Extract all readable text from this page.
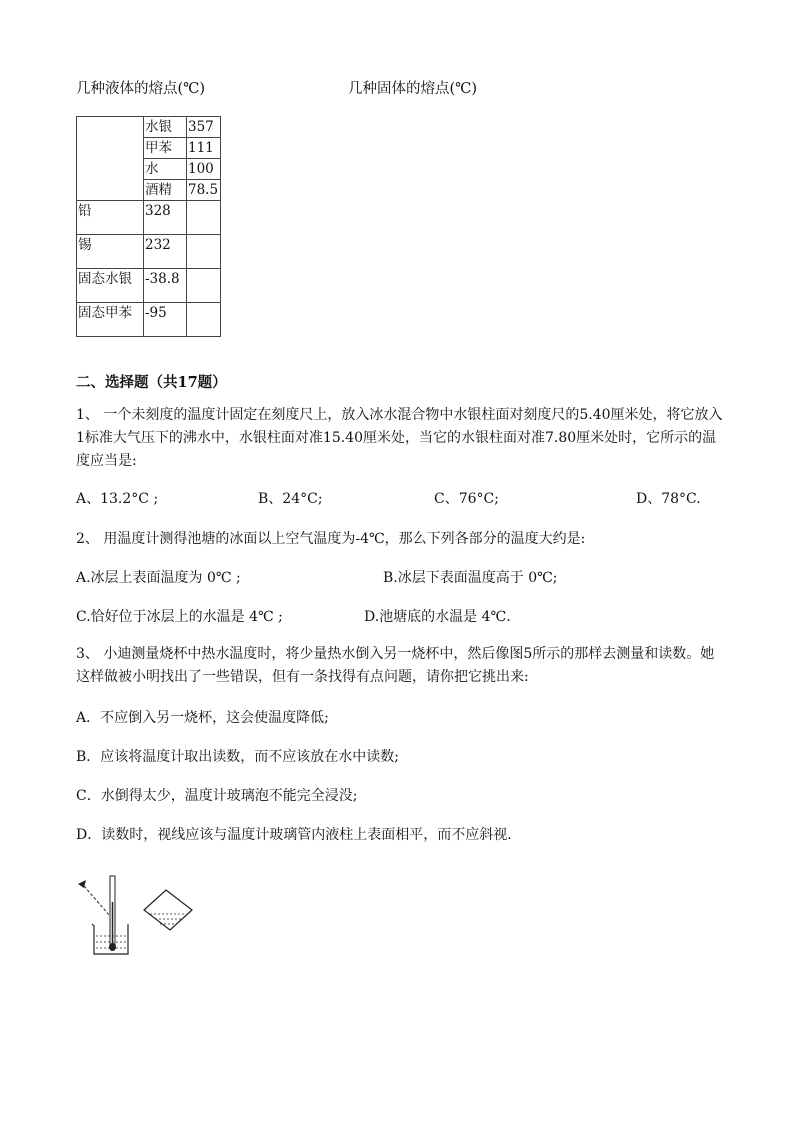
几种液体的熔点(℃)	几种固体的熔点(℃)
	水银	357
	甲苯	111
	水	100
	酒精	78.5
铅	328	
锡	232	
固态水银	-38.8	
固态甲苯	-95	
二、选择题（共17题）
1、 一个未刻度的温度计固定在刻度尺上，放入冰水混合物中水银柱面对刻度尺的5.40厘米处，将它放入1标准大气压下的沸水中，水银柱面对准15.40厘米处，当它的水银柱面对准7.80厘米处时，它所示的温度应当是:
A、13.2°C ;	B、24°C;	C、76°C;	D、78°C.
2、 用温度计测得池塘的冰面以上空气温度为-4℃，那么下列各部分的温度大约是:
A.冰层上表面温度为 0℃ ;	B.冰层下表面温度高于 0℃;
C.恰好位于冰层上的水温是 4℃ ;	D.池塘底的水温是 4℃.
3、 小迪测量烧杯中热水温度时，将少量热水倒入另一烧杯中，然后像图5所示的那样去测量和读数。她这样做被小明找出了一些错误，但有一条找得有点问题，请你把它挑出来:
A．不应倒入另一烧杯，这会使温度降低;
B．应该将温度计取出读数，而不应该放在水中读数;
C．水倒得太少，温度计玻璃泡不能完全浸没;
D．读数时，视线应该与温度计玻璃管内液柱上表面相平，而不应斜视.
